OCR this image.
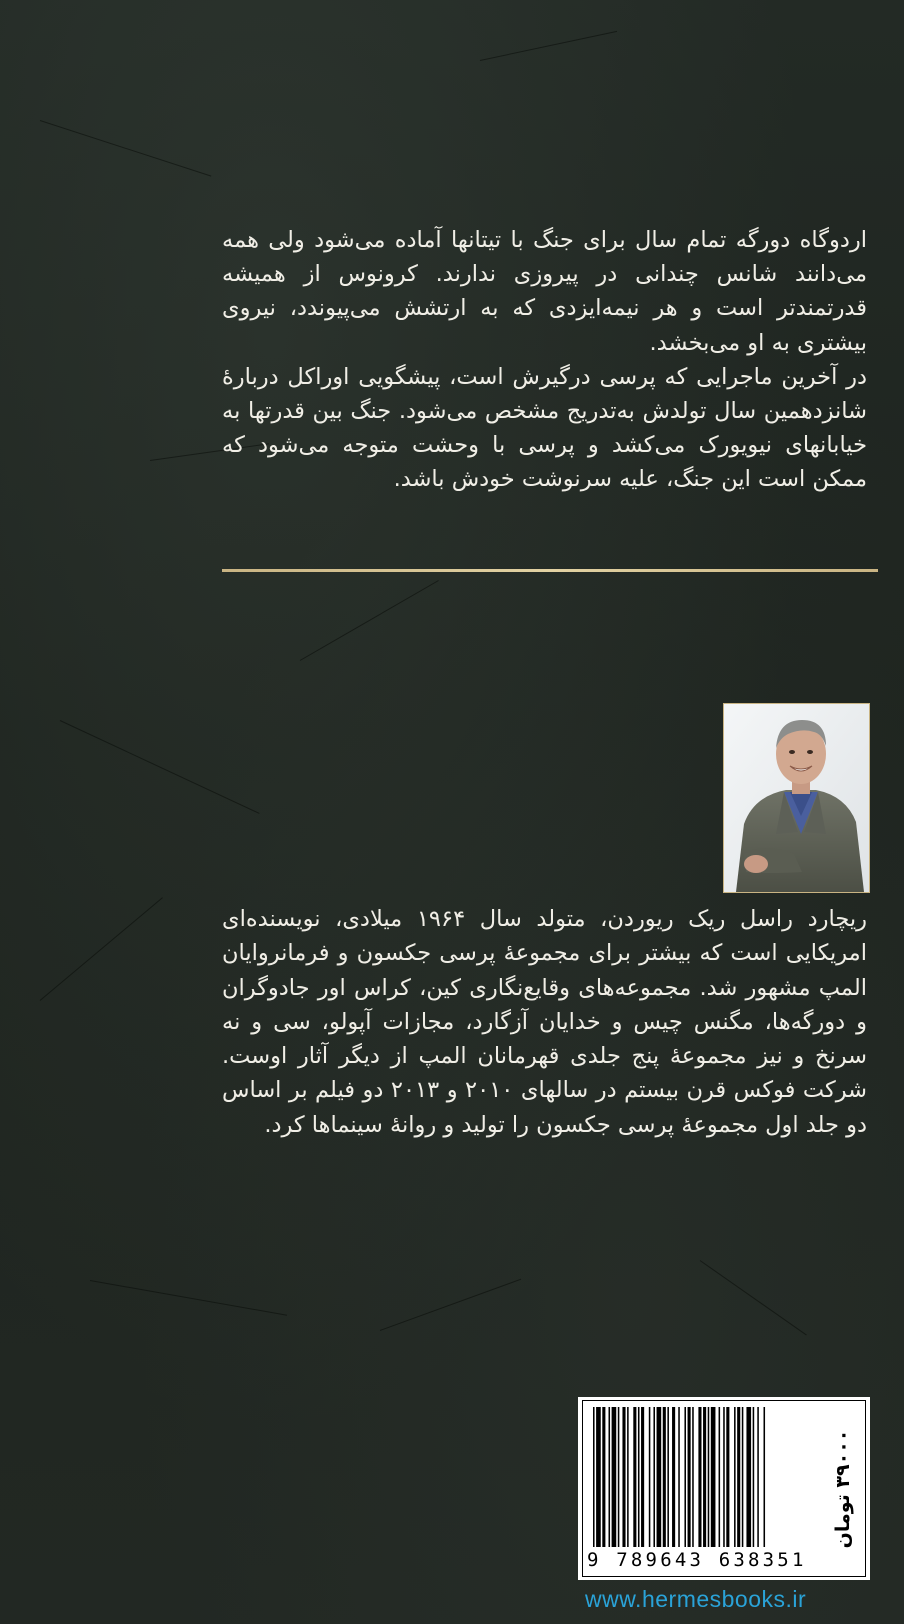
اردوگاه دورگه تمام سال برای جنگ با تیتانها آماده می‌شود ولی همه می‌دانند شانس چندانی در پیروزی ندارند. کرونوس از همیشه قدرتمندتر است و هر نیمه‌ایزدی که به ارتشش می‌پیوندد، نیروی بیشتری به او می‌بخشد.

در آخرین ماجرایی که پرسی درگیرش است، پیشگویی اوراکل دربارۀ شانزدهمین سال تولدش به‌تدریج مشخص می‌شود. جنگ بین قدرتها به خیابانهای نیویورک می‌کشد و پرسی با وحشت متوجه می‌شود که ممکن است این جنگ، علیه سرنوشت خودش باشد.

ریچارد راسل ریک ریوردن، متولد سال ۱۹۶۴ میلادی، نویسنده‌ای امریکایی است که بیشتر برای مجموعۀ پرسی جکسون و فرمانروایان المپ مشهور شد. مجموعه‌های وقایع‌نگاری کین، کراس اور جادوگران و دورگه‌ها، مگنس چیس و خدایان آزگارد، مجازات آپولو، سی و نه سرنخ و نیز مجموعۀ پنج جلدی قهرمانان المپ از دیگر آثار اوست. شرکت فوکس قرن بیستم در سالهای ۲۰۱۰ و ۲۰۱۳ دو فیلم بر اساس دو جلد اول مجموعۀ پرسی جکسون را تولید و روانۀ سینماها کرد.

9 789643 638351
۳۹۰۰۰ تومان
www.hermesbooks.ir
